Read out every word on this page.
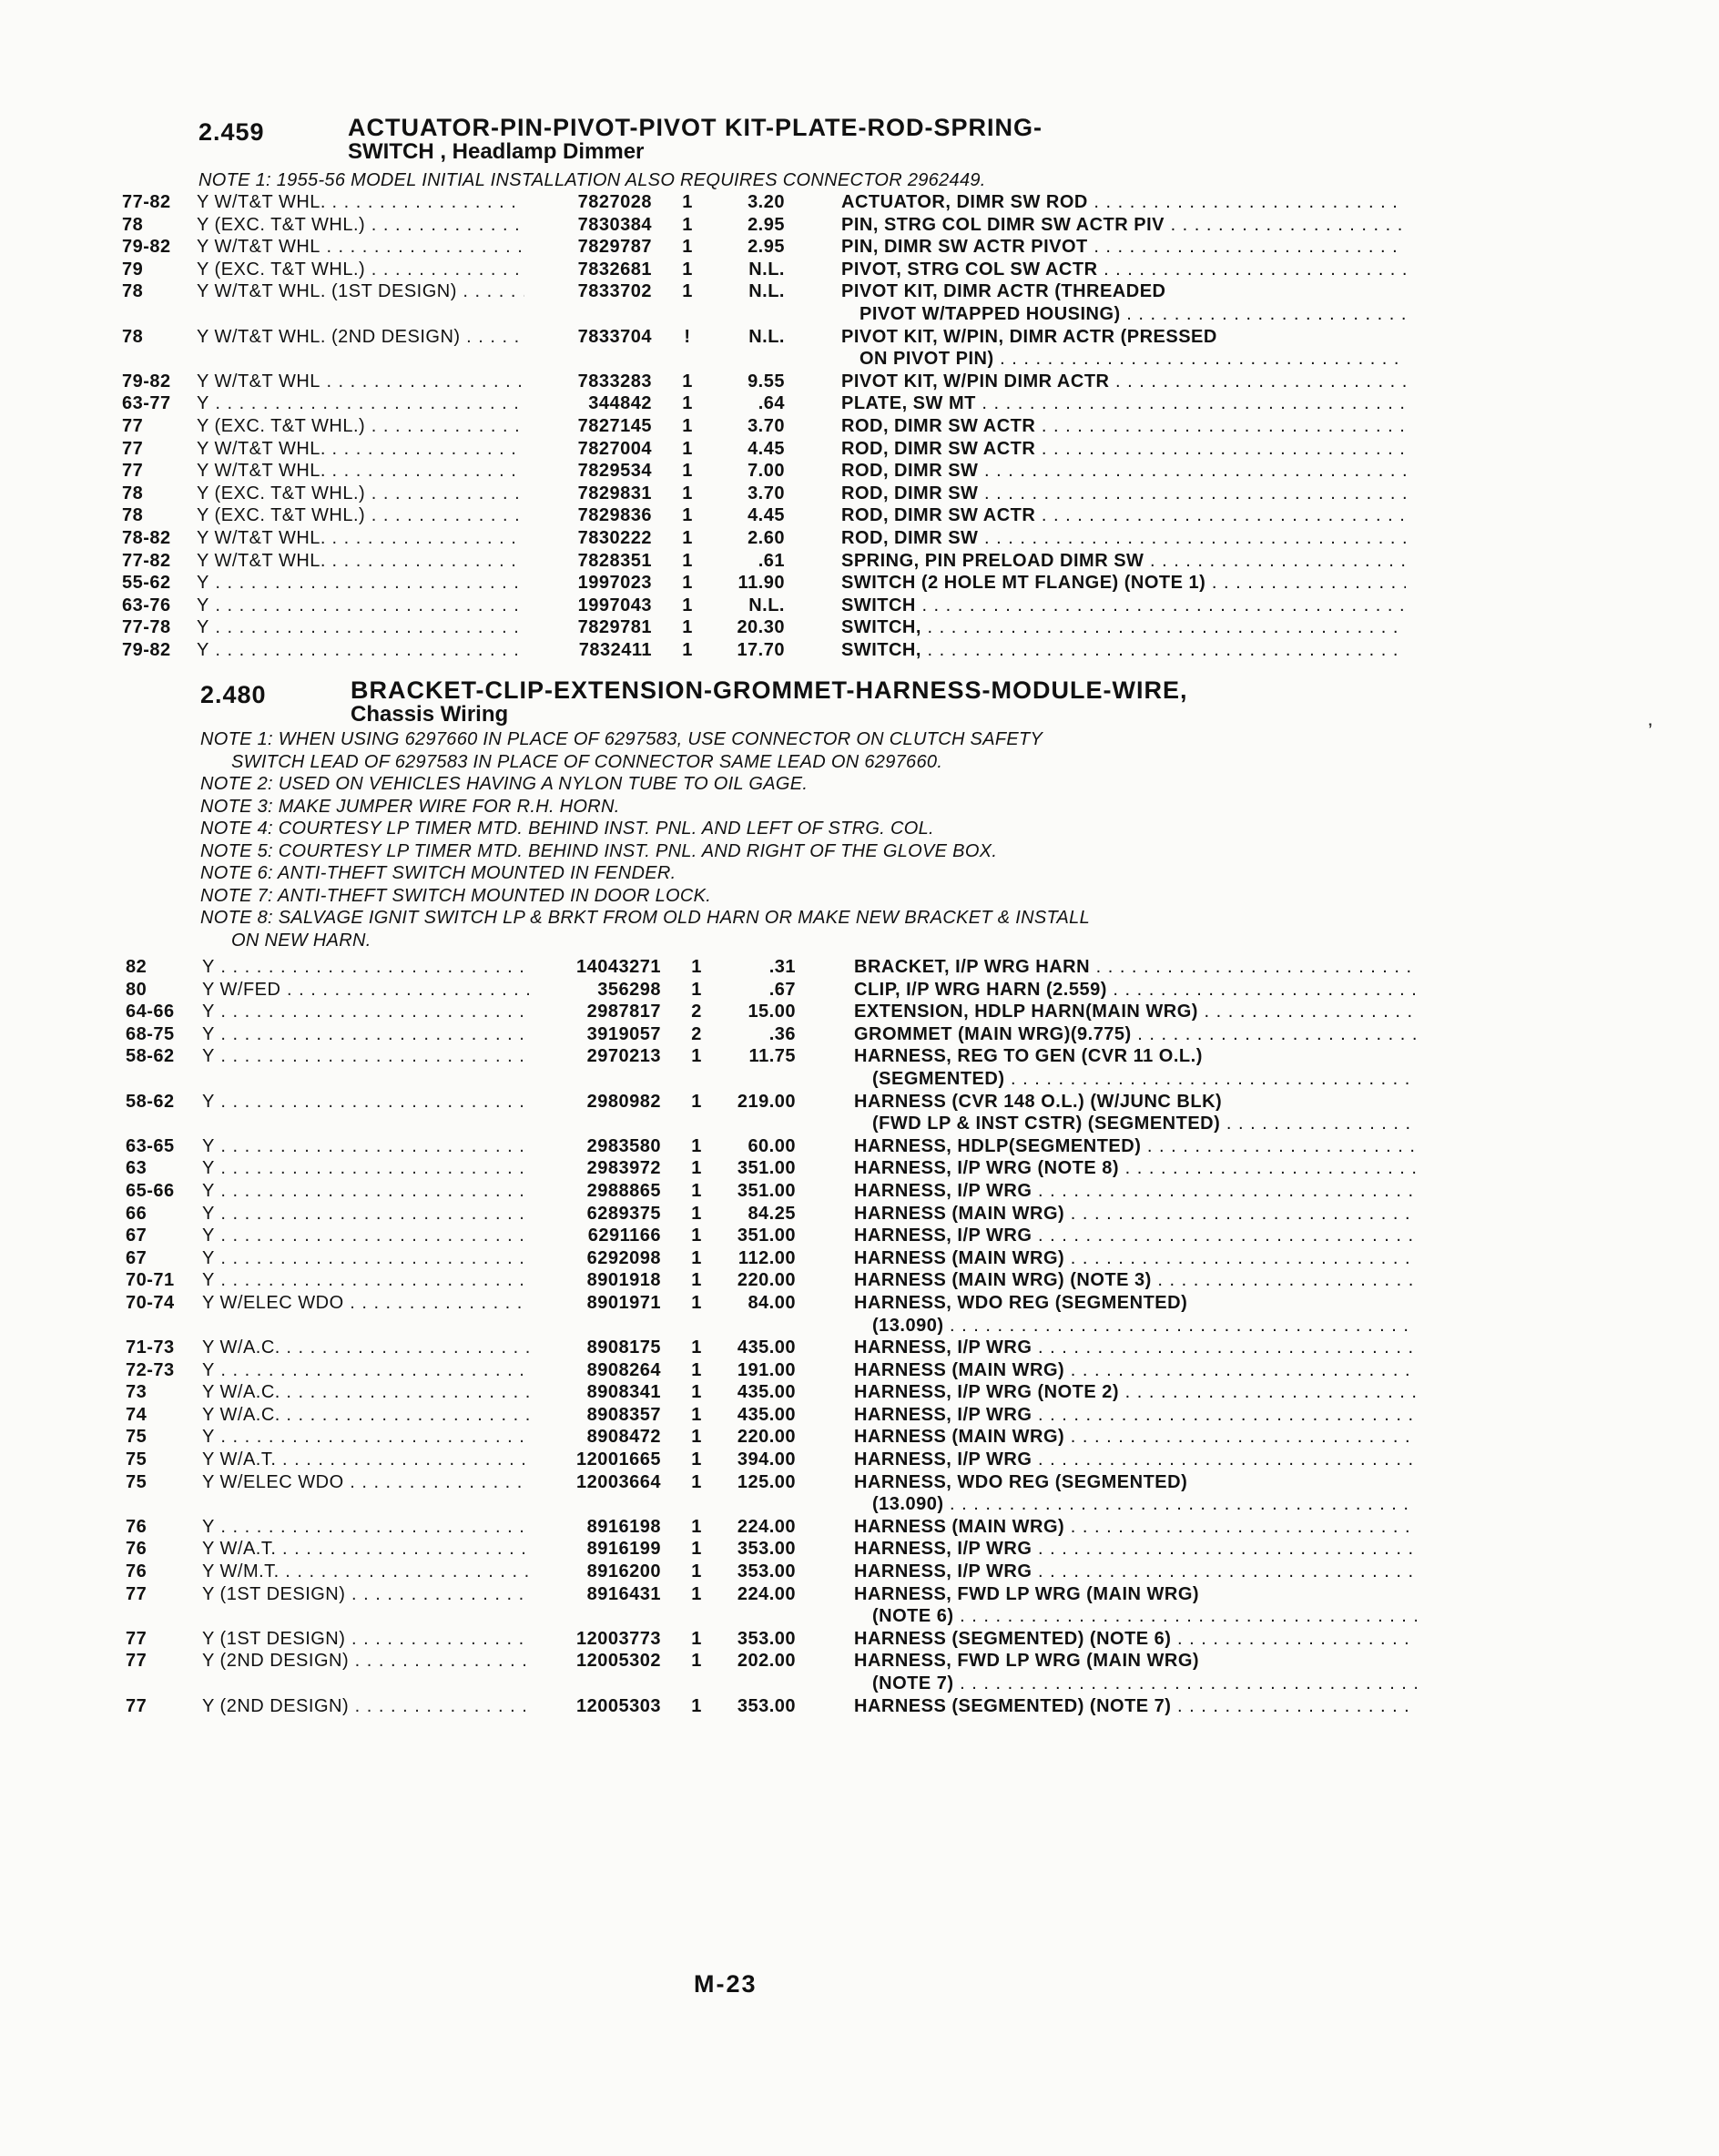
2.459	ACTUATOR-PIN-PIVOT-PIVOT KIT-PLATE-ROD-SPRING-
SWITCH , Headlamp Dimmer
NOTE 1: 1955-56 MODEL INITIAL INSTALLATION ALSO REQUIRES CONNECTOR 2962449.
77-82	Y W/T&T WHL. . . .	7827028	1	3.20	ACTUATOR, DIMR SW ROD . . .
78	Y (EXC. T&T WHL.) . . .	7830384	1	2.95	PIN, STRG COL DIMR SW ACTR PIV . . .
79-82	Y W/T&T WHL . . .	7829787	1	2.95	PIN, DIMR SW ACTR PIVOT . . .
79	Y (EXC. T&T WHL.) . . .	7832681	1	N.L.	PIVOT, STRG COL SW ACTR . . .
78	Y W/T&T WHL. (1ST DESIGN) . . .	7833702	1	N.L.	PIVOT KIT, DIMR ACTR (THREADED
PIVOT W/TAPPED HOUSING) . . .
78	Y W/T&T WHL. (2ND DESIGN) . . .	7833704	!	N.L.	PIVOT KIT, W/PIN, DIMR ACTR (PRESSED
ON PIVOT PIN) . . .
79-82	Y W/T&T WHL . . .	7833283	1	9.55	PIVOT KIT, W/PIN DIMR ACTR . . .
63-77	Y . . .	344842	1	.64	PLATE, SW MT . . .
77	Y (EXC. T&T WHL.) . . .	7827145	1	3.70	ROD, DIMR SW ACTR . . .
77	Y W/T&T WHL. . . .	7827004	1	4.45	ROD, DIMR SW ACTR . . .
77	Y W/T&T WHL. . . .	7829534	1	7.00	ROD, DIMR SW . . .
78	Y (EXC. T&T WHL.) . . .	7829831	1	3.70	ROD, DIMR SW . . .
78	Y (EXC. T&T WHL.) . . .	7829836	1	4.45	ROD, DIMR SW ACTR . . .
78-82	Y W/T&T WHL. . . .	7830222	1	2.60	ROD, DIMR SW . . .
77-82	Y W/T&T WHL. . . .	7828351	1	.61	SPRING, PIN PRELOAD DIMR SW . . .
55-62	Y . . .	1997023	1	11.90	SWITCH (2 HOLE MT FLANGE) (NOTE 1) . . .
63-76	Y . . .	1997043	1	N.L.	SWITCH . . .
77-78	Y . . .	7829781	1	20.30	SWITCH, . . .
79-82	Y . . .	7832411	1	17.70	SWITCH, . . .
2.480	BRACKET-CLIP-EXTENSION-GROMMET-HARNESS-MODULE-WIRE,
Chassis Wiring
NOTE 1: WHEN USING 6297660 IN PLACE OF 6297583, USE CONNECTOR ON CLUTCH SAFETY
SWITCH LEAD OF 6297583 IN PLACE OF CONNECTOR SAME LEAD ON 6297660.
NOTE 2: USED ON VEHICLES HAVING A NYLON TUBE TO OIL GAGE.
NOTE 3: MAKE JUMPER WIRE FOR R.H. HORN.
NOTE 4: COURTESY LP TIMER MTD. BEHIND INST. PNL. AND LEFT OF STRG. COL.
NOTE 5: COURTESY LP TIMER MTD. BEHIND INST. PNL. AND RIGHT OF THE GLOVE BOX.
NOTE 6: ANTI-THEFT SWITCH MOUNTED IN FENDER.
NOTE 7: ANTI-THEFT SWITCH MOUNTED IN DOOR LOCK.
NOTE 8: SALVAGE IGNIT SWITCH LP & BRKT FROM OLD HARN OR MAKE NEW BRACKET & INSTALL
ON NEW HARN.
82	Y . . .	14043271	1	.31	BRACKET, I/P WRG HARN . . .
80	Y W/FED . . .	356298	1	.67	CLIP, I/P WRG HARN (2.559) . . .
64-66	Y . . .	2987817	2	15.00	EXTENSION, HDLP HARN(MAIN WRG) . . .
68-75	Y . . .	3919057	2	.36	GROMMET (MAIN WRG)(9.775) . . .
58-62	Y . . .	2970213	1	11.75	HARNESS, REG TO GEN (CVR 11 O.L.)
(SEGMENTED) . . .
58-62	Y . . .	2980982	1	219.00	HARNESS (CVR 148 O.L.) (W/JUNC BLK)
(FWD LP & INST CSTR) (SEGMENTED) . . .
63-65	Y . . .	2983580	1	60.00	HARNESS, HDLP(SEGMENTED) . . .
63	Y . . .	2983972	1	351.00	HARNESS, I/P WRG (NOTE 8) . . .
65-66	Y . . .	2988865	1	351.00	HARNESS, I/P WRG . . .
66	Y . . .	6289375	1	84.25	HARNESS (MAIN WRG) . . .
67	Y . . .	6291166	1	351.00	HARNESS, I/P WRG . . .
67	Y . . .	6292098	1	112.00	HARNESS (MAIN WRG) . . .
70-71	Y . . .	8901918	1	220.00	HARNESS (MAIN WRG) (NOTE 3) . . .
70-74	Y W/ELEC WDO . . .	8901971	1	84.00	HARNESS, WDO REG (SEGMENTED)
(13.090) . . .
71-73	Y W/A.C. . . .	8908175	1	435.00	HARNESS, I/P WRG . . .
72-73	Y . . .	8908264	1	191.00	HARNESS (MAIN WRG) . . .
73	Y W/A.C. . . .	8908341	1	435.00	HARNESS, I/P WRG (NOTE 2) . . .
74	Y W/A.C. . . .	8908357	1	435.00	HARNESS, I/P WRG . . .
75	Y . . .	8908472	1	220.00	HARNESS (MAIN WRG) . . .
75	Y W/A.T. . . .	12001665	1	394.00	HARNESS, I/P WRG . . .
75	Y W/ELEC WDO . . .	12003664	1	125.00	HARNESS, WDO REG (SEGMENTED)
(13.090) . . .
76	Y . . .	8916198	1	224.00	HARNESS (MAIN WRG) . . .
76	Y W/A.T. . . .	8916199	1	353.00	HARNESS, I/P WRG . . .
76	Y W/M.T. . . .	8916200	1	353.00	HARNESS, I/P WRG . . .
77	Y (1ST DESIGN) . . .	8916431	1	224.00	HARNESS, FWD LP WRG (MAIN WRG)
(NOTE 6) . . .
77	Y (1ST DESIGN) . . .	12003773	1	353.00	HARNESS (SEGMENTED) (NOTE 6) . . .
77	Y (2ND DESIGN) . . .	12005302	1	202.00	HARNESS, FWD LP WRG (MAIN WRG)
(NOTE 7) . . .
77	Y (2ND DESIGN) . . .	12005303	1	353.00	HARNESS (SEGMENTED) (NOTE 7) . . .
M-23
’
